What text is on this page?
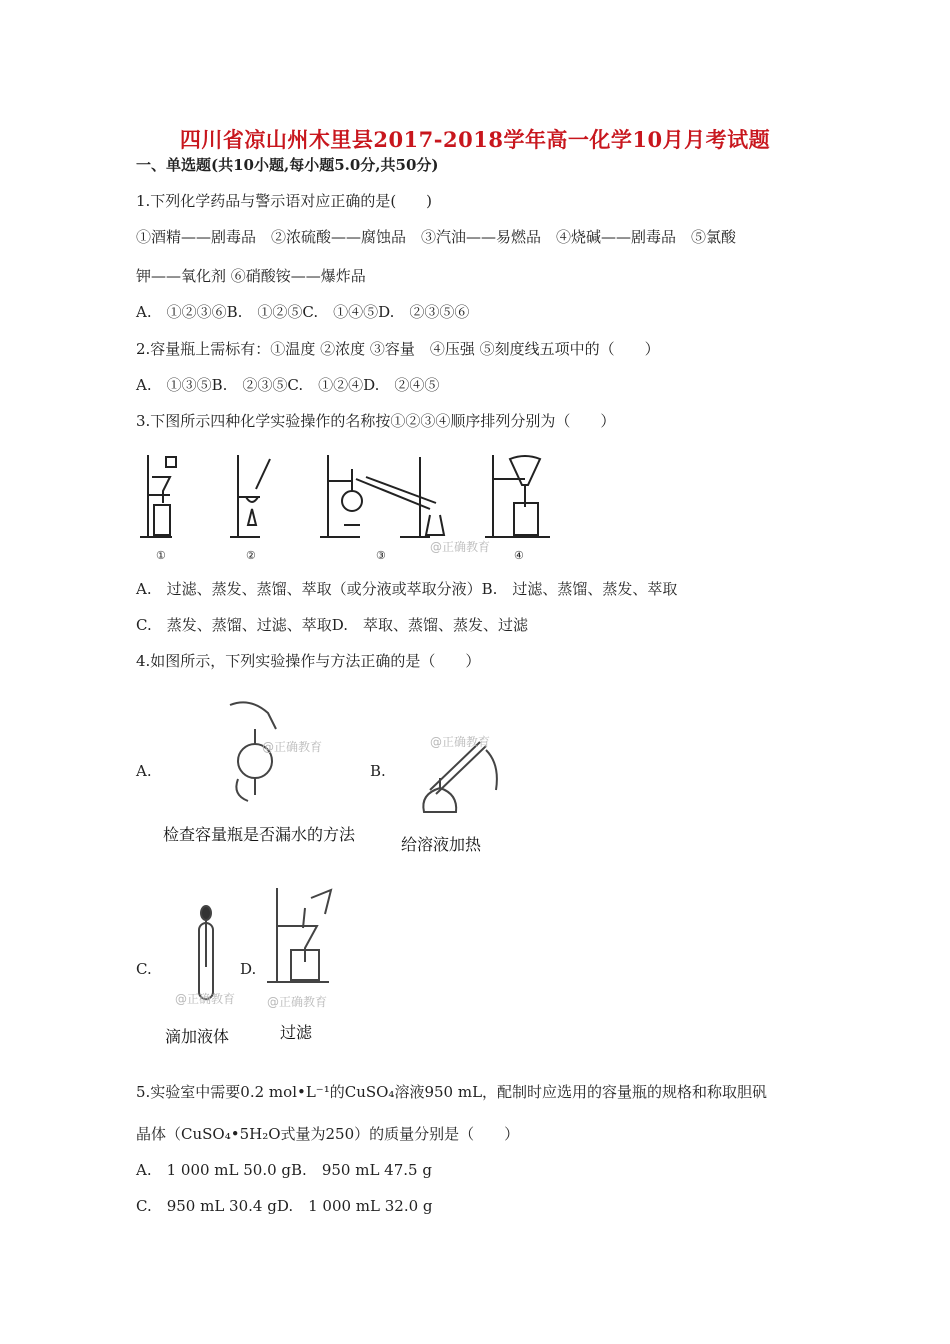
四川省凉山州木里县2017-2018学年高一化学10月月考试题
一、单选题(共10小题,每小题5.0分,共50分)
1.下列化学药品与警示语对应正确的是(　　)
①酒精——剧毒品　②浓硫酸——腐蚀品　③汽油——易燃品　④烧碱——剧毒品　⑤氯酸
钾——氧化剂 ⑥硝酸铵——爆炸品
A.　①②③⑥B.　①②⑤C.　①④⑤D.　②③⑤⑥
2.容量瓶上需标有：①温度 ②浓度 ③容量　④压强 ⑤刻度线五项中的（　　）
A.　①③⑤B.　②③⑤C.　①②④D.　②④⑤
3.下图所示四种化学实验操作的名称按①②③④顺序排列分别为（　　）
①	②	③	④
@正确教育
A.　过滤、蒸发、蒸馏、萃取（或分液或萃取分液）B.　过滤、蒸馏、蒸发、萃取
C.　蒸发、蒸馏、过滤、萃取D.　萃取、蒸馏、蒸发、过滤
4.如图所示，下列实验操作与方法正确的是（　　）
A.
@正确教育
检查容量瓶是否漏水的方法
B.
@正确教育
给溶液加热
C.
@正确教育
滴加液体
D.
@正确教育
过滤
5.实验室中需要0.2 mol•L⁻¹的CuSO₄溶液950 mL，配制时应选用的容量瓶的规格和称取胆矾
晶体（CuSO₄•5H₂O式量为250）的质量分别是（　　）
A.　1 000 mL 50.0 gB.　950 mL 47.5 g
C.　950 mL 30.4 gD.　1 000 mL 32.0 g
